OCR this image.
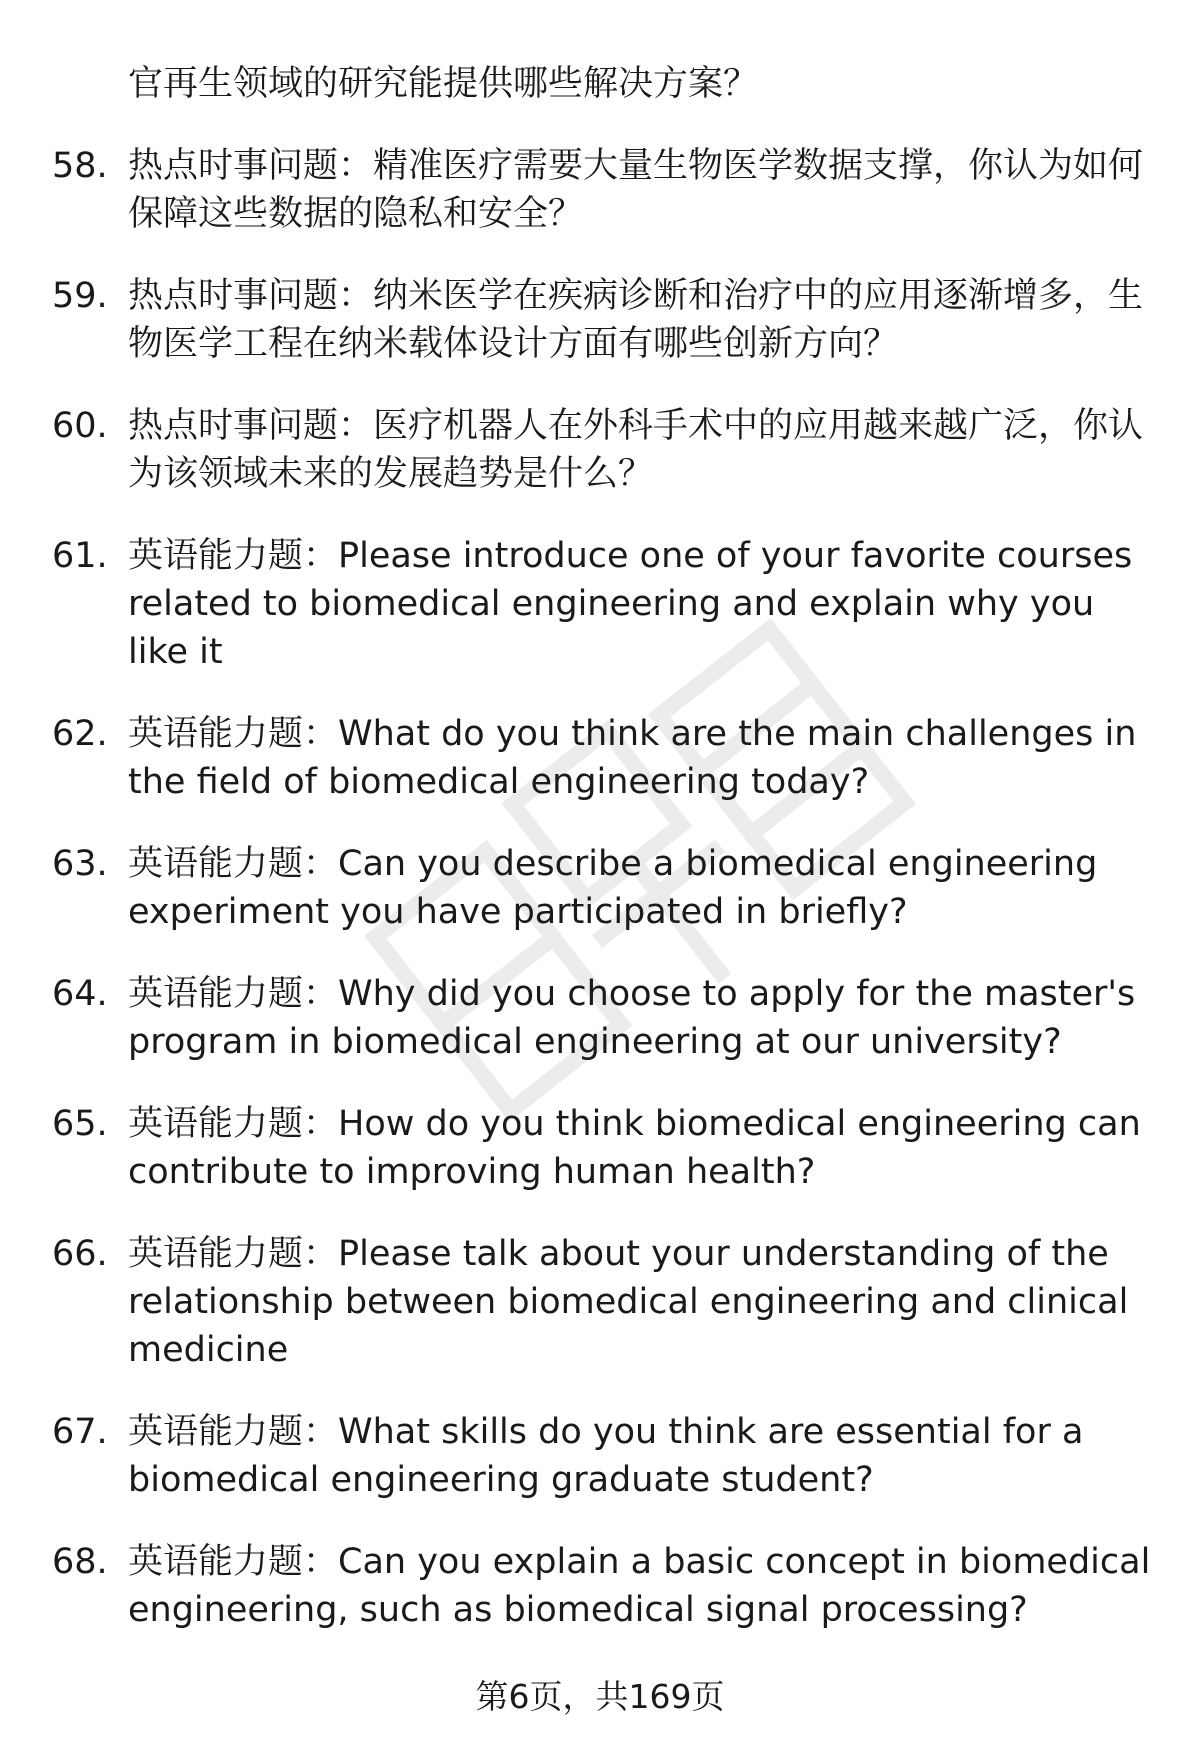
官再生领域的研究能提供哪些解决方案？
58. 热点时事问题：精准医疗需要大量生物医学数据支撑，你认为如何保障这些数据的隐私和安全？
59. 热点时事问题：纳米医学在疾病诊断和治疗中的应用逐渐增多，生物医学工程在纳米载体设计方面有哪些创新方向？
60. 热点时事问题：医疗机器人在外科手术中的应用越来越广泛，你认为该领域未来的发展趋势是什么？
61. 英语能力题：Please introduce one of your favorite courses related to biomedical engineering and explain why you like it
62. 英语能力题：What do you think are the main challenges in the field of biomedical engineering today?
63. 英语能力题：Can you describe a biomedical engineering experiment you have participated in briefly?
64. 英语能力题：Why did you choose to apply for the master's program in biomedical engineering at our university?
65. 英语能力题：How do you think biomedical engineering can contribute to improving human health?
66. 英语能力题：Please talk about your understanding of the relationship between biomedical engineering and clinical medicine
67. 英语能力题：What skills do you think are essential for a biomedical engineering graduate student?
68. 英语能力题：Can you explain a basic concept in biomedical engineering, such as biomedical signal processing?
第6页，共169页
